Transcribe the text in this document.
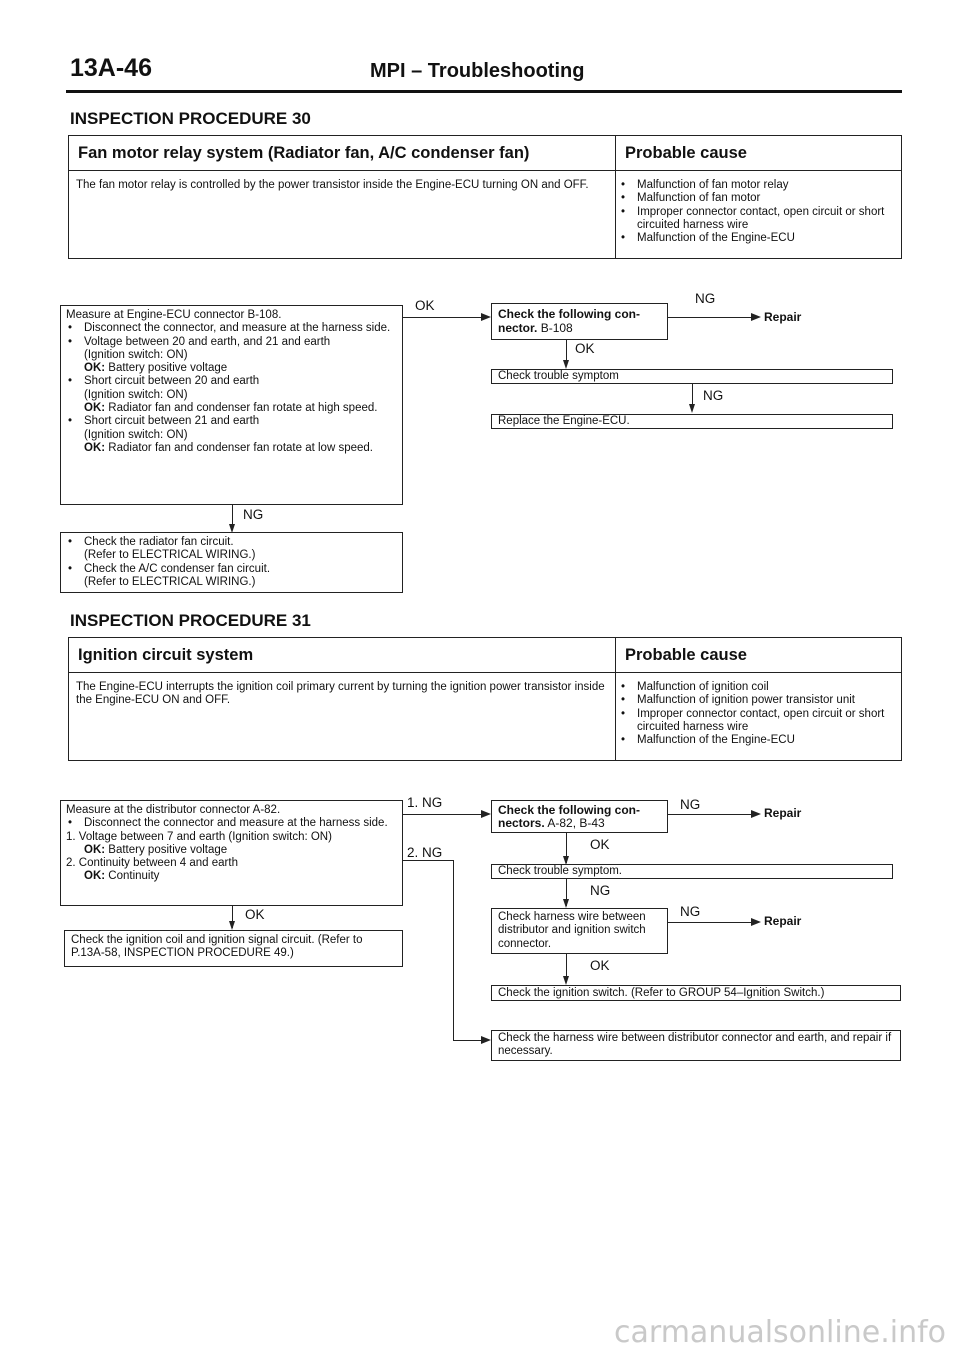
13A-46	MPI – Troubleshooting
INSPECTION PROCEDURE 30
Fan motor relay system (Radiator fan, A/C condenser fan)	Probable cause
The fan motor relay is controlled by the power transistor inside the Engine-ECU turning ON and OFF.
•	Malfunction of fan motor relay
• Malfunction of fan motor
• Improper connector contact, open circuit or short circuited harness wire
• Malfunction of the Engine-ECU
Measure at Engine-ECU connector B-108.
• Disconnect the connector, and measure at the harness side.
• Voltage between 20 and earth, and 21 and earth
(Ignition switch: ON)
OK: Battery positive voltage
• Short circuit between 20 and earth
(Ignition switch: ON)
OK: Radiator fan and condenser fan rotate at high speed.
• Short circuit between 21 and earth
(Ignition switch: ON)
OK: Radiator fan and condenser fan rotate at low speed.
OK
Check the following con-nector. B-108
NG
Repair
OK
Check trouble symptom
NG
Replace the Engine-ECU.
NG
• Check the radiator fan circuit.
(Refer to ELECTRICAL WIRING.)
• Check the A/C condenser fan circuit.
(Refer to ELECTRICAL WIRING.)
INSPECTION PROCEDURE 31
Ignition circuit system	Probable cause
The Engine-ECU interrupts the ignition coil primary current by turning the ignition power transistor inside the Engine-ECU ON and OFF.
• Malfunction of ignition coil
• Malfunction of ignition power transistor unit
• Improper connector contact, open circuit or short circuited harness wire
• Malfunction of the Engine-ECU
Measure at the distributor connector A-82.
• Disconnect the connector and measure at the harness side.
1. Voltage between 7 and earth (Ignition switch: ON)
OK: Battery positive voltage
2. Continuity between 4 and earth
OK: Continuity
1. NG
2. NG
Check the following con-nectors. A-82, B-43
NG
Repair
OK
Check trouble symptom.
NG
Check harness wire between distributor and ignition switch connector.
NG
Repair
OK
Check the ignition switch. (Refer to GROUP 54–Ignition Switch.)
Check the harness wire between distributor connector and earth, and repair if necessary.
OK
Check the ignition coil and ignition signal circuit. (Refer to P.13A-58, INSPECTION PROCEDURE 49.)
carmanualsonline.info
